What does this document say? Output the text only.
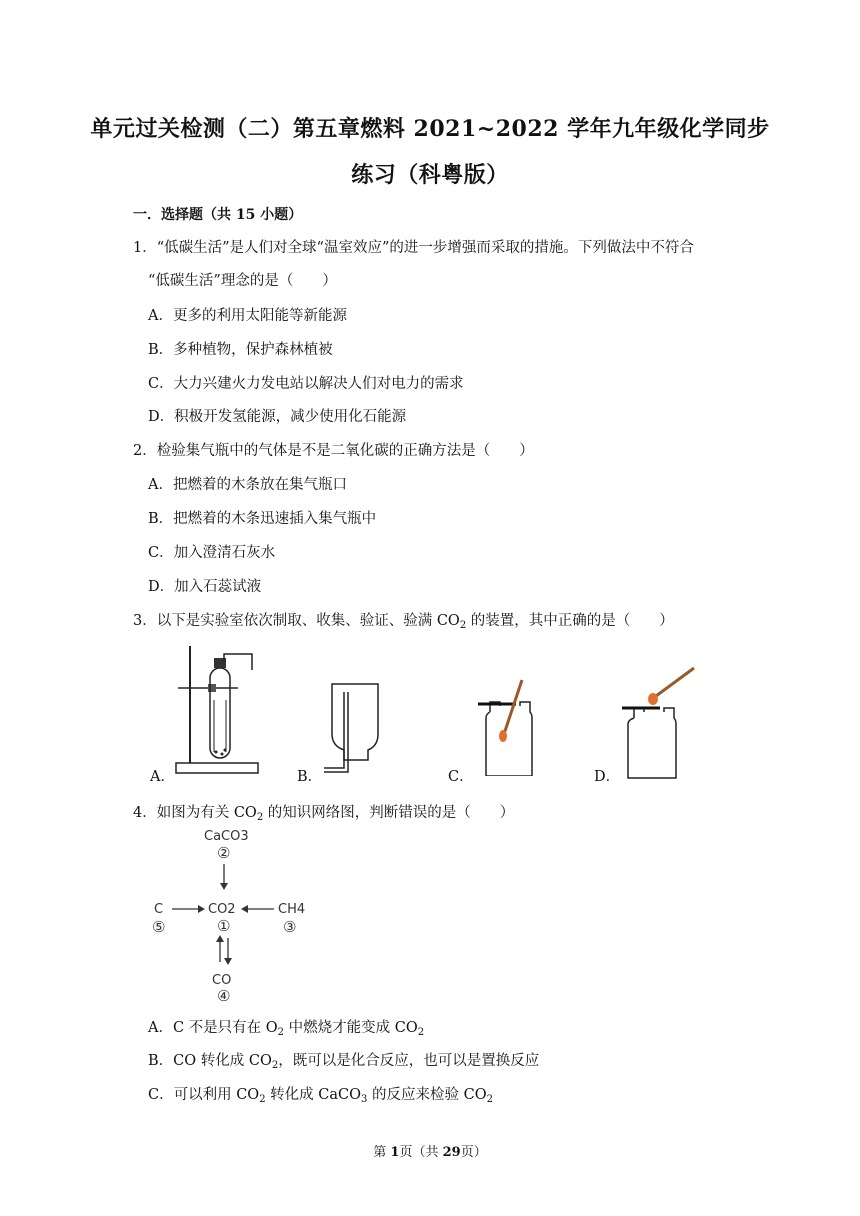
单元过关检测（二）第五章燃料 2021~2022 学年九年级化学同步
练习（科粤版）
一．选择题（共 15 小题）
1．“低碳生活”是人们对全球“温室效应”的进一步增强而采取的措施。下列做法中不符合
“低碳生活”理念的是（　　）
A．更多的利用太阳能等新能源
B．多种植物，保护森林植被
C．大力兴建火力发电站以解决人们对电力的需求
D．积极开发氢能源，减少使用化石能源
2．检验集气瓶中的气体是不是二氧化碳的正确方法是（　　）
A．把燃着的木条放在集气瓶口
B．把燃着的木条迅速插入集气瓶中
C．加入澄清石灰水
D．加入石蕊试液
3．以下是实验室依次制取、收集、验证、验满 $CO_2$ 的装置，其中正确的是（　　）
A．	B．	C．	D．
4．如图为有关 $CO_2$ 的知识网络图，判断错误的是（　　）
CaCO3
②
CO2
①
C
⑤
CH4
③
CO
④
A．C 不是只有在 $O_2$ 中燃烧才能变成 $CO_2$
B．CO 转化成 $CO_2$，既可以是化合反应，也可以是置换反应
C．可以利用 $CO_2$ 转化成 CaCO$_3$ 的反应来检验 $CO_2$
第 1页（共 29页）
